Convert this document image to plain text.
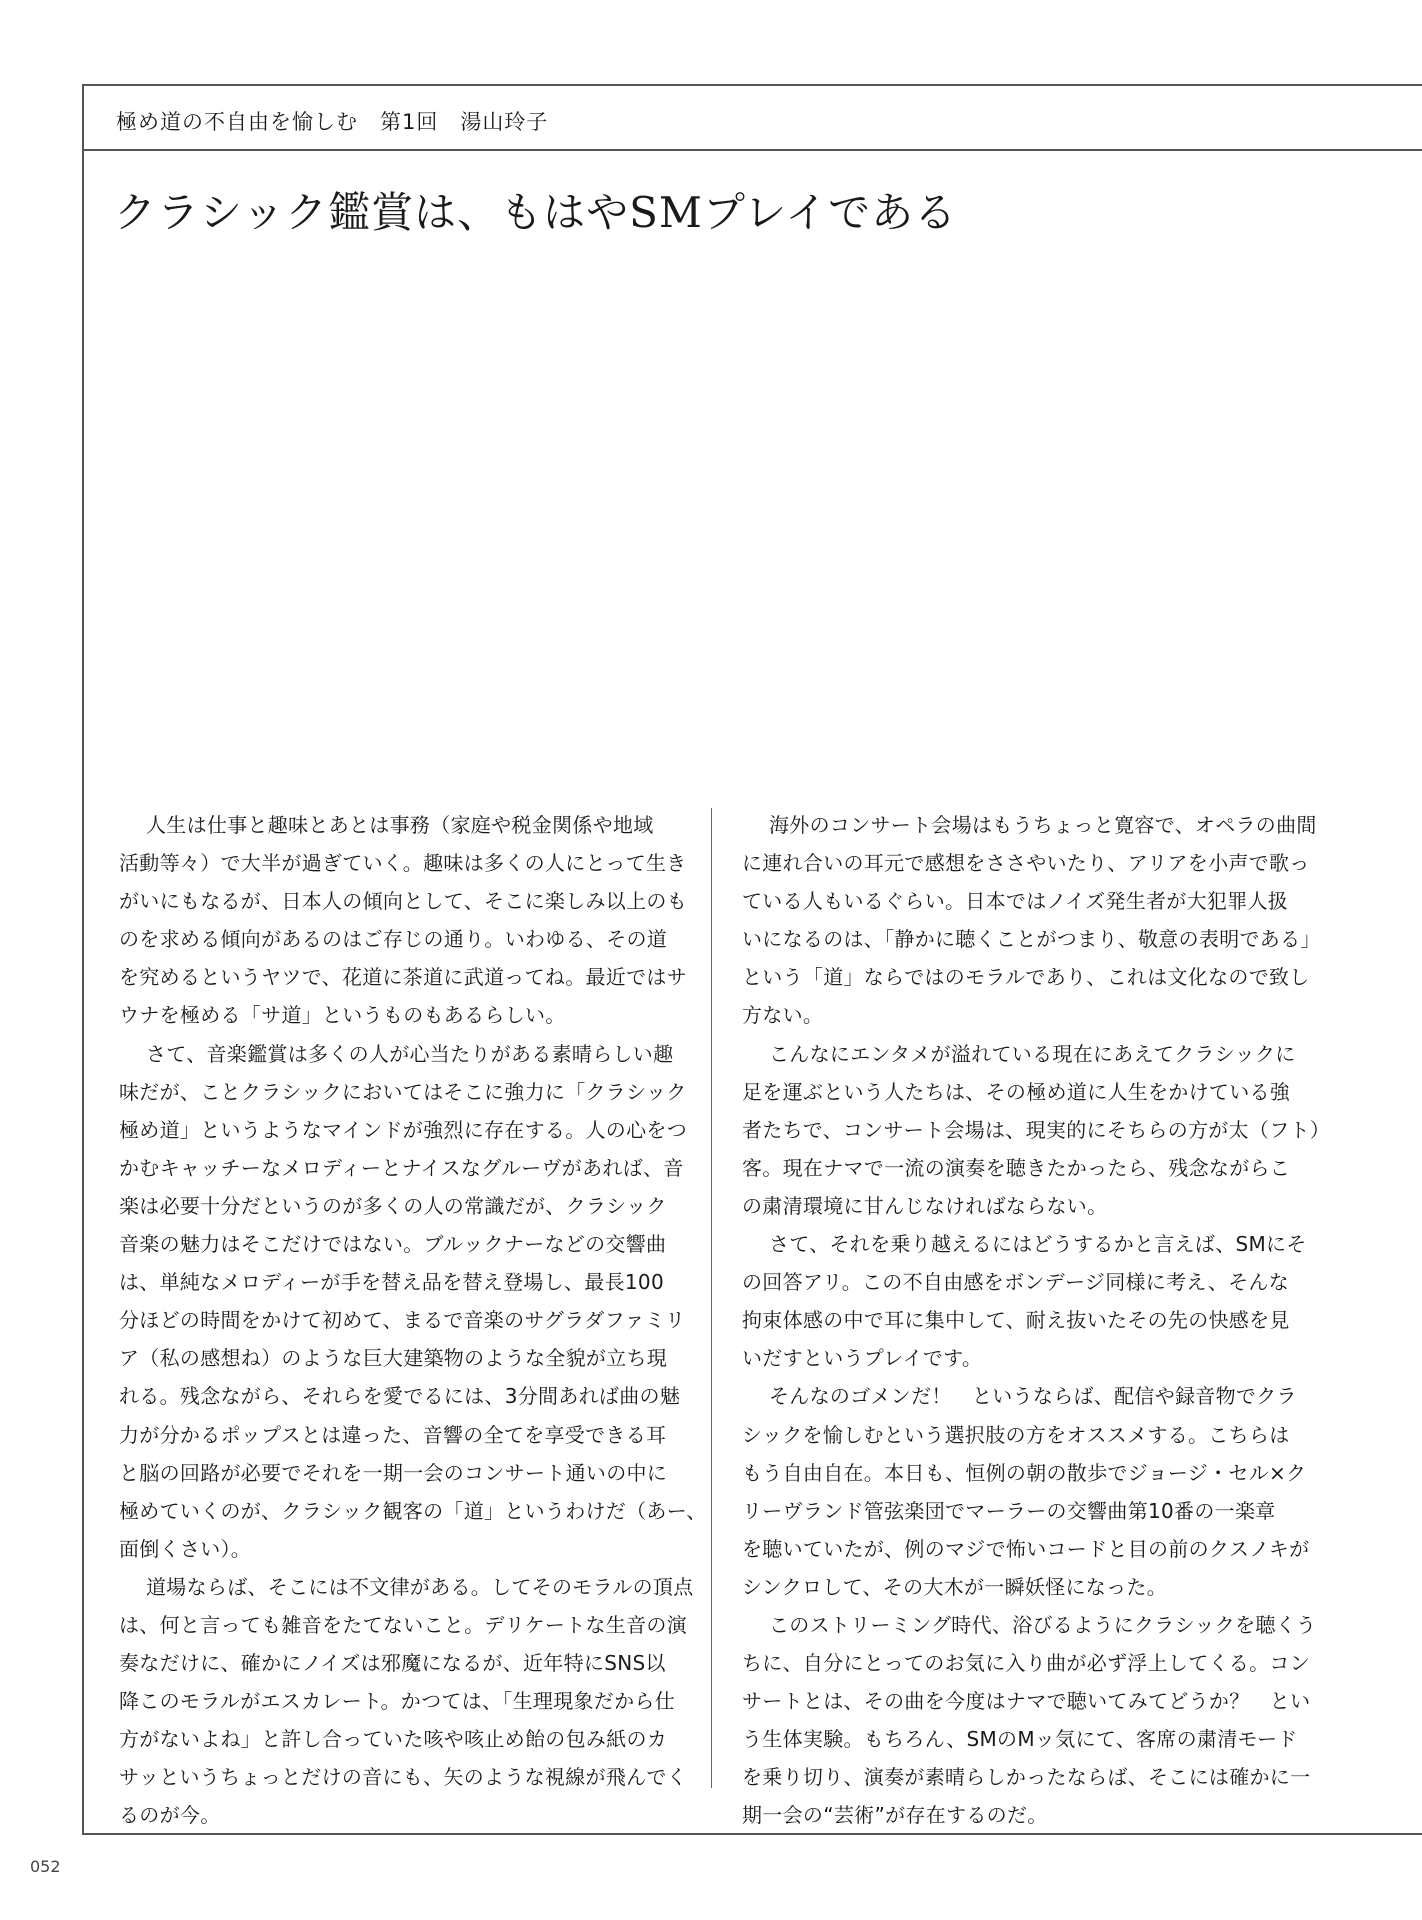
極め道の不自由を愉しむ　第1回　湯山玲子
クラシック鑑賞は、もはやSMプレイである

人生は仕事と趣味とあとは事務（家庭や税金関係や地域

活動等々）で大半が過ぎていく。趣味は多くの人にとって生き

がいにもなるが、日本人の傾向として、そこに楽しみ以上のも

のを求める傾向があるのはご存じの通り。いわゆる、その道

を究めるというヤツで、花道に茶道に武道ってね。最近ではサ

ウナを極める「サ道」というものもあるらしい。

さて、音楽鑑賞は多くの人が心当たりがある素晴らしい趣

味だが、ことクラシックにおいてはそこに強力に「クラシック

極め道」というようなマインドが強烈に存在する。人の心をつ

かむキャッチーなメロディーとナイスなグルーヴがあれば、音

楽は必要十分だというのが多くの人の常識だが、クラシック

音楽の魅力はそこだけではない。ブルックナーなどの交響曲

は、単純なメロディーが手を替え品を替え登場し、最長100

分ほどの時間をかけて初めて、まるで音楽のサグラダファミリ

ア（私の感想ね）のような巨大建築物のような全貌が立ち現

れる。残念ながら、それらを愛でるには、3分間あれば曲の魅

力が分かるポップスとは違った、音響の全てを享受できる耳

と脳の回路が必要でそれを一期一会のコンサート通いの中に

極めていくのが、クラシック観客の「道」というわけだ（あー、

面倒くさい）。

道場ならば、そこには不文律がある。してそのモラルの頂点

は、何と言っても雑音をたてないこと。デリケートな生音の演

奏なだけに、確かにノイズは邪魔になるが、近年特にSNS以

降このモラルがエスカレート。かつては、「生理現象だから仕

方がないよね」と許し合っていた咳や咳止め飴の包み紙のカ

サッというちょっとだけの音にも、矢のような視線が飛んでく

るのが今。

海外のコンサート会場はもうちょっと寛容で、オペラの曲間

に連れ合いの耳元で感想をささやいたり、アリアを小声で歌っ

ている人もいるぐらい。日本ではノイズ発生者が大犯罪人扱

いになるのは、「静かに聴くことがつまり、敬意の表明である」

という「道」ならではのモラルであり、これは文化なので致し

方ない。

こんなにエンタメが溢れている現在にあえてクラシックに

足を運ぶという人たちは、その極め道に人生をかけている強

者たちで、コンサート会場は、現実的にそちらの方が太（フト）

客。現在ナマで一流の演奏を聴きたかったら、残念ながらこ

の粛清環境に甘んじなければならない。

さて、それを乗り越えるにはどうするかと言えば、SMにそ

の回答アリ。この不自由感をボンデージ同様に考え、そんな

拘束体感の中で耳に集中して、耐え抜いたその先の快感を見

いだすというプレイです。

そんなのゴメンだ！　というならば、配信や録音物でクラ

シックを愉しむという選択肢の方をオススメする。こちらは

もう自由自在。本日も、恒例の朝の散歩でジョージ・セル×ク

リーヴランド管弦楽団でマーラーの交響曲第10番の一楽章

を聴いていたが、例のマジで怖いコードと目の前のクスノキが

シンクロして、その大木が一瞬妖怪になった。

このストリーミング時代、浴びるようにクラシックを聴くう

ちに、自分にとってのお気に入り曲が必ず浮上してくる。コン

サートとは、その曲を今度はナマで聴いてみてどうか？　とい

う生体実験。もちろん、SMのMッ気にて、客席の粛清モード

を乗り切り、演奏が素晴らしかったならば、そこには確かに一

期一会の“芸術”が存在するのだ。

052
